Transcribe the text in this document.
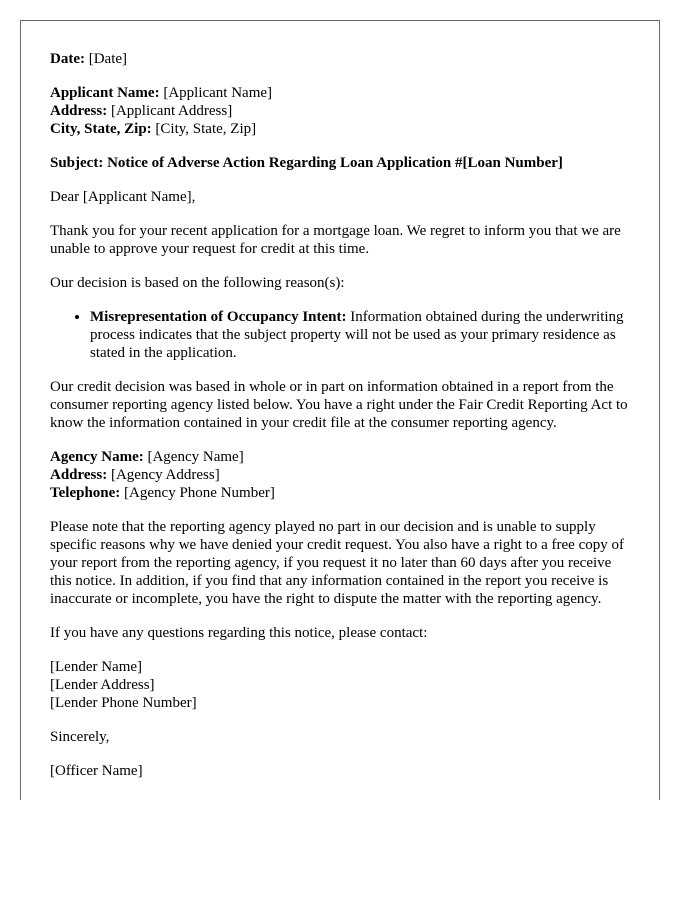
Date: [Date]

Applicant Name: [Applicant Name]
Address: [Applicant Address]
City, State, Zip: [City, State, Zip]

Subject: Notice of Adverse Action Regarding Loan Application #[Loan Number]

Dear [Applicant Name],

Thank you for your recent application for a mortgage loan. We regret to inform you that we are unable to approve your request for credit at this time.

Our decision is based on the following reason(s):

• Misrepresentation of Occupancy Intent: Information obtained during the underwriting process indicates that the subject property will not be used as your primary residence as stated in the application.

Our credit decision was based in whole or in part on information obtained in a report from the consumer reporting agency listed below. You have a right under the Fair Credit Reporting Act to know the information contained in your credit file at the consumer reporting agency.

Agency Name: [Agency Name]
Address: [Agency Address]
Telephone: [Agency Phone Number]

Please note that the reporting agency played no part in our decision and is unable to supply specific reasons why we have denied your credit request. You also have a right to a free copy of your report from the reporting agency, if you request it no later than 60 days after you receive this notice. In addition, if you find that any information contained in the report you receive is inaccurate or incomplete, you have the right to dispute the matter with the reporting agency.

If you have any questions regarding this notice, please contact:

[Lender Name]
[Lender Address]
[Lender Phone Number]

Sincerely,

[Officer Name]
